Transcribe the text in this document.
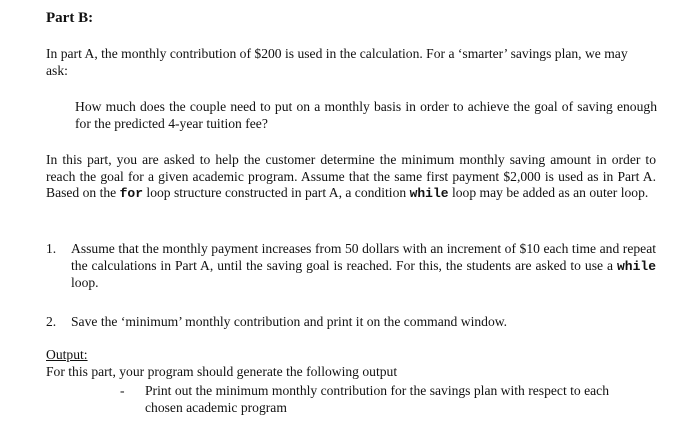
Part B:

In part A, the monthly contribution of $200 is used in the calculation. For a ‘smarter’ savings plan, we may ask:

How much does the couple need to put on a monthly basis in order to achieve the goal of saving enough for the predicted 4-year tuition fee?

In this part, you are asked to help the customer determine the minimum monthly saving amount in order to reach the goal for a given academic program. Assume that the same first payment $2,000 is used as in Part A. Based on the for loop structure constructed in part A, a condition while loop may be added as an outer loop.

1. Assume that the monthly payment increases from 50 dollars with an increment of $10 each time and repeat the calculations in Part A, until the saving goal is reached. For this, the students are asked to use a while loop.
2. Save the ‘minimum’ monthly contribution and print it on the command window.

Output:

For this part, your program should generate the following output

- Print out the minimum monthly contribution for the savings plan with respect to each chosen academic program
